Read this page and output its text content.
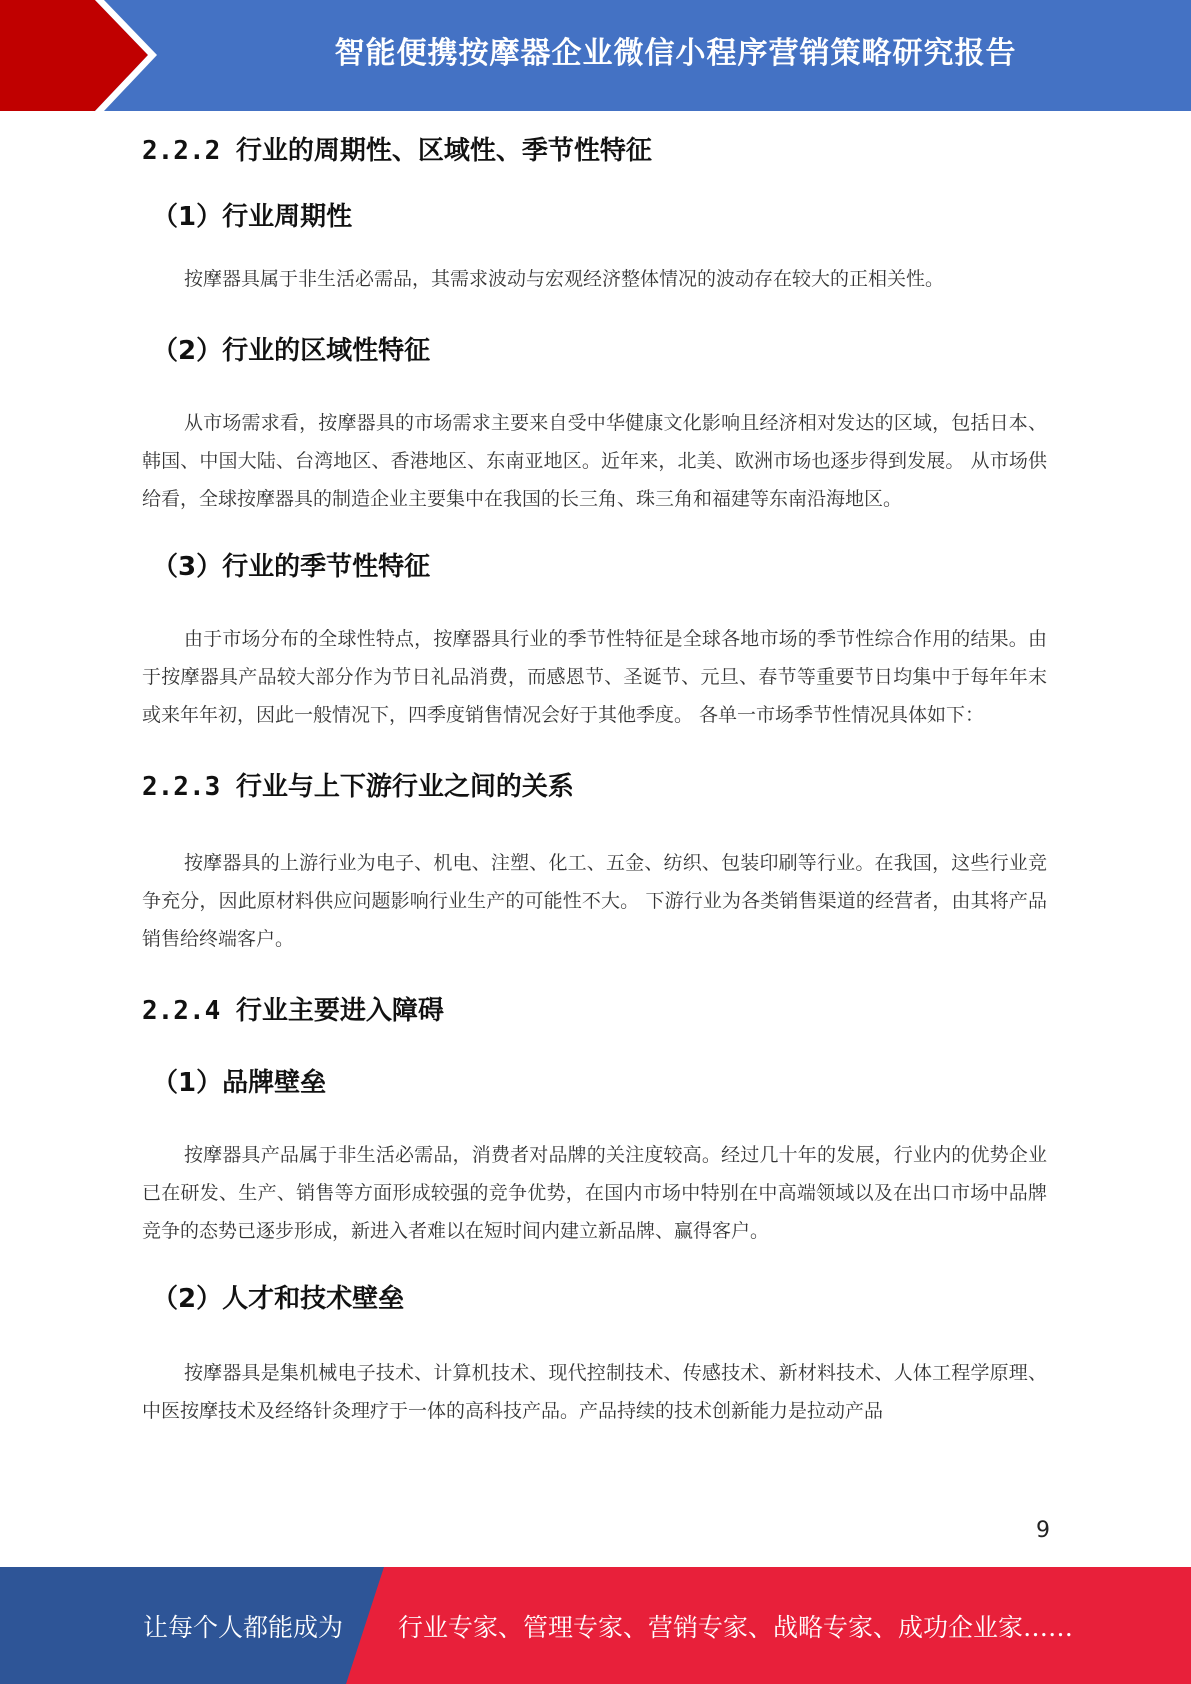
智能便携按摩器企业微信小程序营销策略研究报告
2.2.2 行业的周期性、区域性、季节性特征
（1）行业周期性

按摩器具属于非生活必需品，其需求波动与宏观经济整体情况的波动存在较大的正相关性。

（2）行业的区域性特征

从市场需求看，按摩器具的市场需求主要来自受中华健康文化影响且经济相对发达的区域，包括日本、韩国、中国大陆、台湾地区、香港地区、东南亚地区。近年来，北美、欧洲市场也逐步得到发展。 从市场供给看，全球按摩器具的制造企业主要集中在我国的长三角、珠三角和福建等东南沿海地区。

（3）行业的季节性特征

由于市场分布的全球性特点，按摩器具行业的季节性特征是全球各地市场的季节性综合作用的结果。由于按摩器具产品较大部分作为节日礼品消费，而感恩节、圣诞节、元旦、春节等重要节日均集中于每年年末或来年年初，因此一般情况下，四季度销售情况会好于其他季度。 各单一市场季节性情况具体如下：

2.2.3 行业与上下游行业之间的关系

按摩器具的上游行业为电子、机电、注塑、化工、五金、纺织、包装印刷等行业。在我国，这些行业竞争充分，因此原材料供应问题影响行业生产的可能性不大。 下游行业为各类销售渠道的经营者，由其将产品销售给终端客户。

2.2.4 行业主要进入障碍
（1）品牌壁垒

按摩器具产品属于非生活必需品，消费者对品牌的关注度较高。经过几十年的发展，行业内的优势企业已在研发、生产、销售等方面形成较强的竞争优势，在国内市场中特别在中高端领域以及在出口市场中品牌竞争的态势已逐步形成，新进入者难以在短时间内建立新品牌、赢得客户。

（2）人才和技术壁垒

按摩器具是集机械电子技术、计算机技术、现代控制技术、传感技术、新材料技术、人体工程学原理、中医按摩技术及经络针灸理疗于一体的高科技产品。产品持续的技术创新能力是拉动产品

9
让每个人都能成为 行业专家、管理专家、营销专家、战略专家、成功企业家……
